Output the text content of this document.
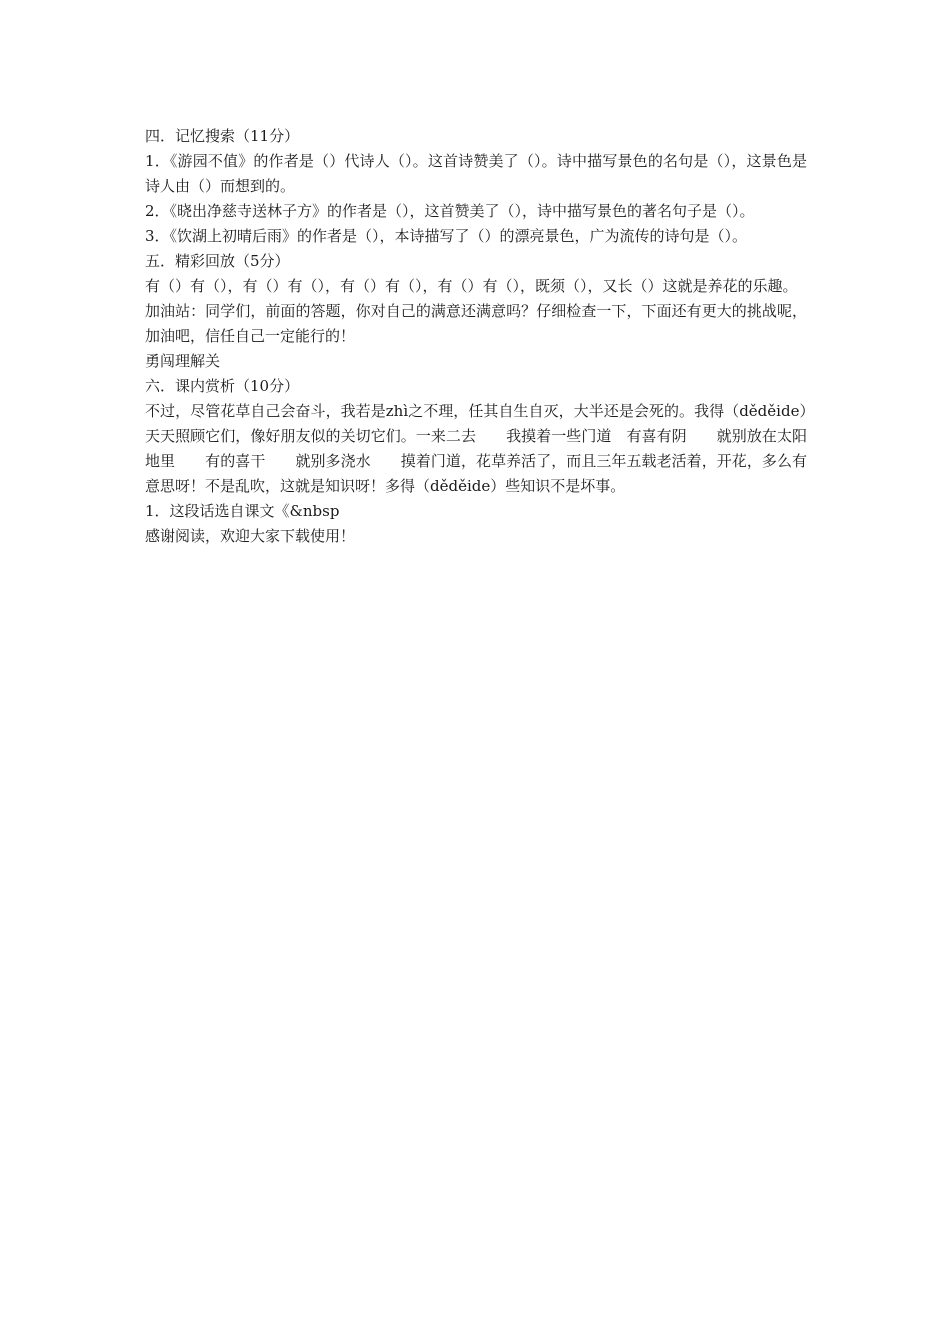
四．记忆搜索（11分）

1．《游园不值》的作者是（）代诗人（）。这首诗赞美了（）。诗中描写景色的名句是（），这景色是诗人由（）而想到的。

2．《晓出净慈寺送林子方》的作者是（），这首赞美了（），诗中描写景色的著名句子是（）。

3．《饮湖上初晴后雨》的作者是（），本诗描写了（）的漂亮景色，广为流传的诗句是（）。

五．精彩回放（5分）

有（）有（），有（）有（），有（）有（），有（）有（），既须（），又长（）这就是养花的乐趣。

加油站：同学们，前面的答题，你对自己的满意还满意吗？仔细检查一下，下面还有更大的挑战呢，加油吧，信任自己一定能行的！

勇闯理解关

六．课内赏析（10分）

不过，尽管花草自己会奋斗，我若是zhì之不理，任其自生自灭，大半还是会死的。我得（děděide）天天照顾它们，像好朋友似的关切它们。一来二去　　我摸着一些门道　有喜有阴　　就别放在太阳地里　　有的喜干　　就别多浇水　　摸着门道，花草养活了，而且三年五载老活着，开花，多么有意思呀！不是乱吹，这就是知识呀！多得（děděide）些知识不是坏事。

1．这段话选自课文《&nbsp

感谢阅读，欢迎大家下载使用！
